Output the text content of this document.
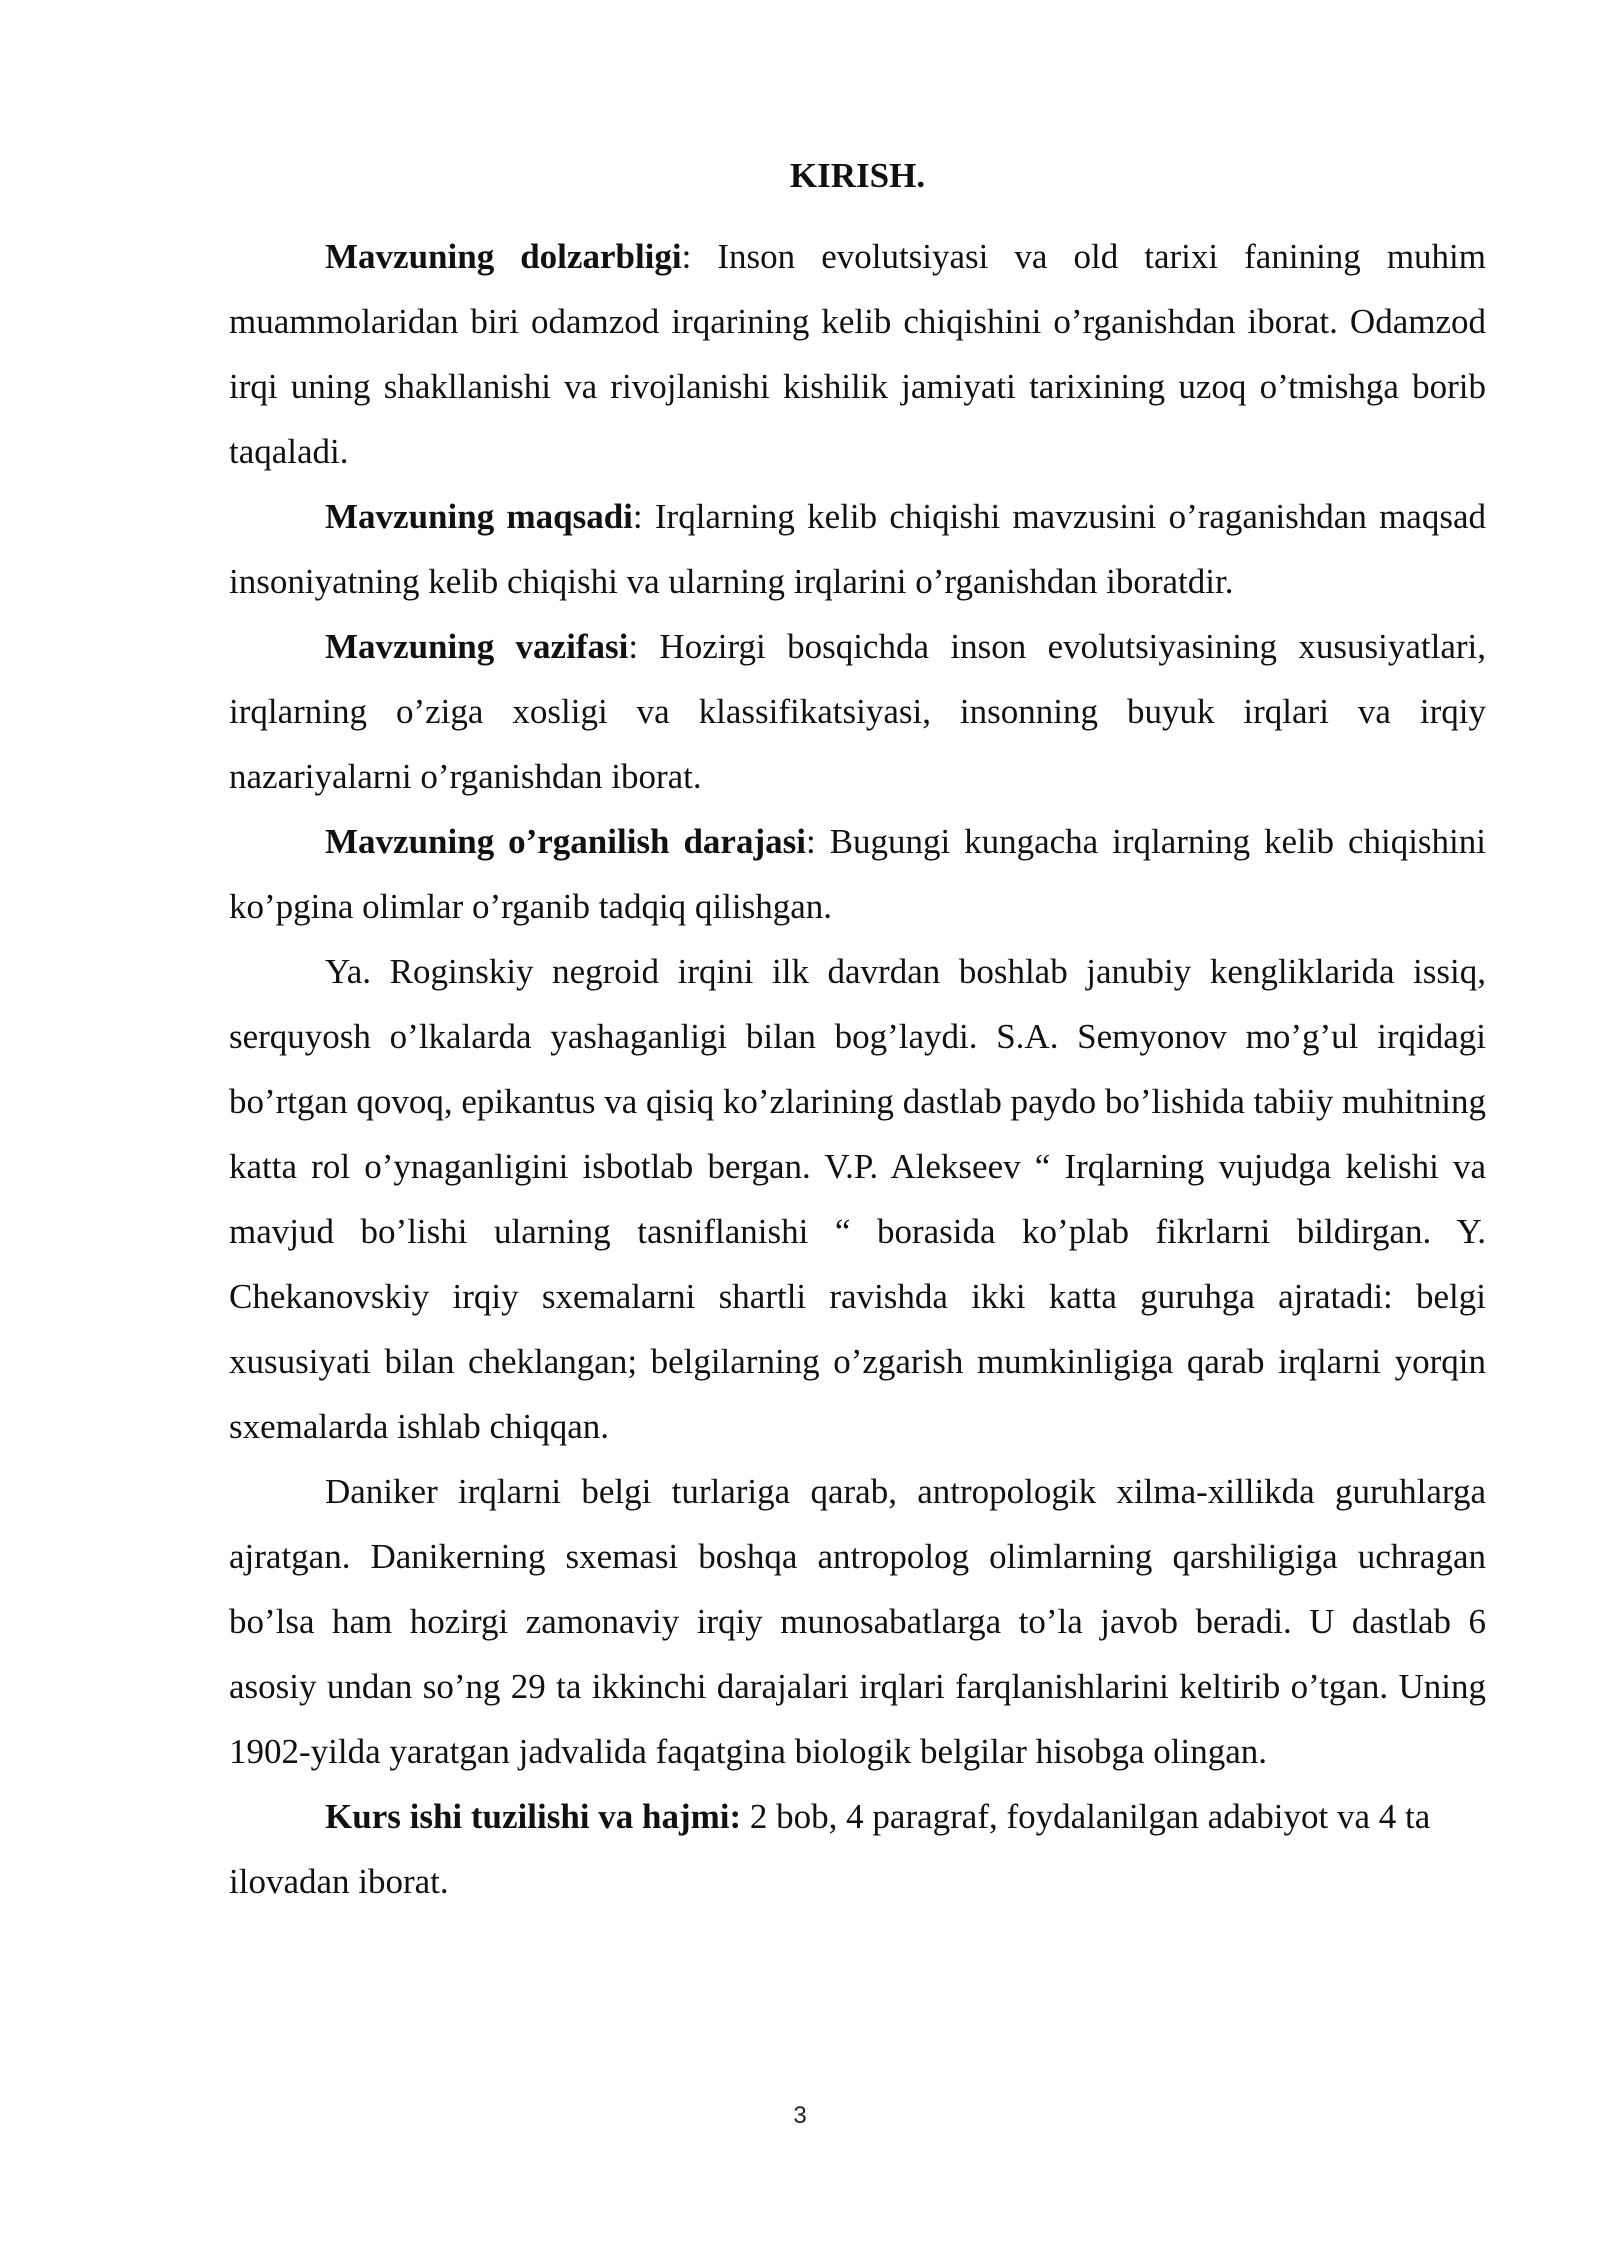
KIRISH.

Mavzuning dolzarbligi: Inson evolutsiyasi va old tarixi fanining muhim muammolaridan biri odamzod irqarining kelib chiqishini o’rganishdan iborat. Odamzod irqi uning shakllanishi va rivojlanishi kishilik jamiyati tarixining uzoq o’tmishga borib taqaladi.

Mavzuning maqsadi: Irqlarning kelib chiqishi mavzusini o’raganishdan maqsad insoniyatning kelib chiqishi va ularning irqlarini o’rganishdan iboratdir.

Mavzuning vazifasi: Hozirgi bosqichda inson evolutsiyasining xususiyatlari, irqlarning o’ziga xosligi va klassifikatsiyasi, insonning buyuk irqlari va irqiy nazariyalarni o’rganishdan iborat.

Mavzuning o’rganilish darajasi: Bugungi kungacha irqlarning kelib chiqishini ko’pgina olimlar o’rganib tadqiq qilishgan.

Ya. Roginskiy negroid irqini ilk davrdan boshlab janubiy kengliklarida issiq, serquyosh o’lkalarda yashaganligi bilan bog’laydi. S.A. Semyonov mo’g’ul irqidagi bo’rtgan qovoq, epikantus va qisiq ko’zlarining dastlab paydo bo’lishida tabiiy muhitning katta rol o’ynaganligini isbotlab bergan. V.P. Alekseev “ Irqlarning vujudga kelishi va mavjud bo’lishi ularning tasniflanishi “ borasida ko’plab fikrlarni bildirgan. Y. Chekanovskiy irqiy sxemalarni shartli ravishda ikki katta guruhga ajratadi: belgi xususiyati bilan cheklangan; belgilarning o’zgarish mumkinligiga qarab irqlarni yorqin sxemalarda ishlab chiqqan.

Daniker irqlarni belgi turlariga qarab, antropologik xilma-xillikda guruhlarga ajratgan. Danikerning sxemasi boshqa antropolog olimlarning qarshiligiga uchragan bo’lsa ham hozirgi zamonaviy irqiy munosabatlarga to’la javob beradi. U dastlab 6 asosiy undan so’ng 29 ta ikkinchi darajalari irqlari farqlanishlarini keltirib o’tgan. Uning 1902-yilda yaratgan jadvalida faqatgina biologik belgilar hisobga olingan.

Kurs ishi tuzilishi va hajmi: 2 bob, 4 paragraf, foydalanilgan adabiyot va 4 ta ilovadan iborat.

3
